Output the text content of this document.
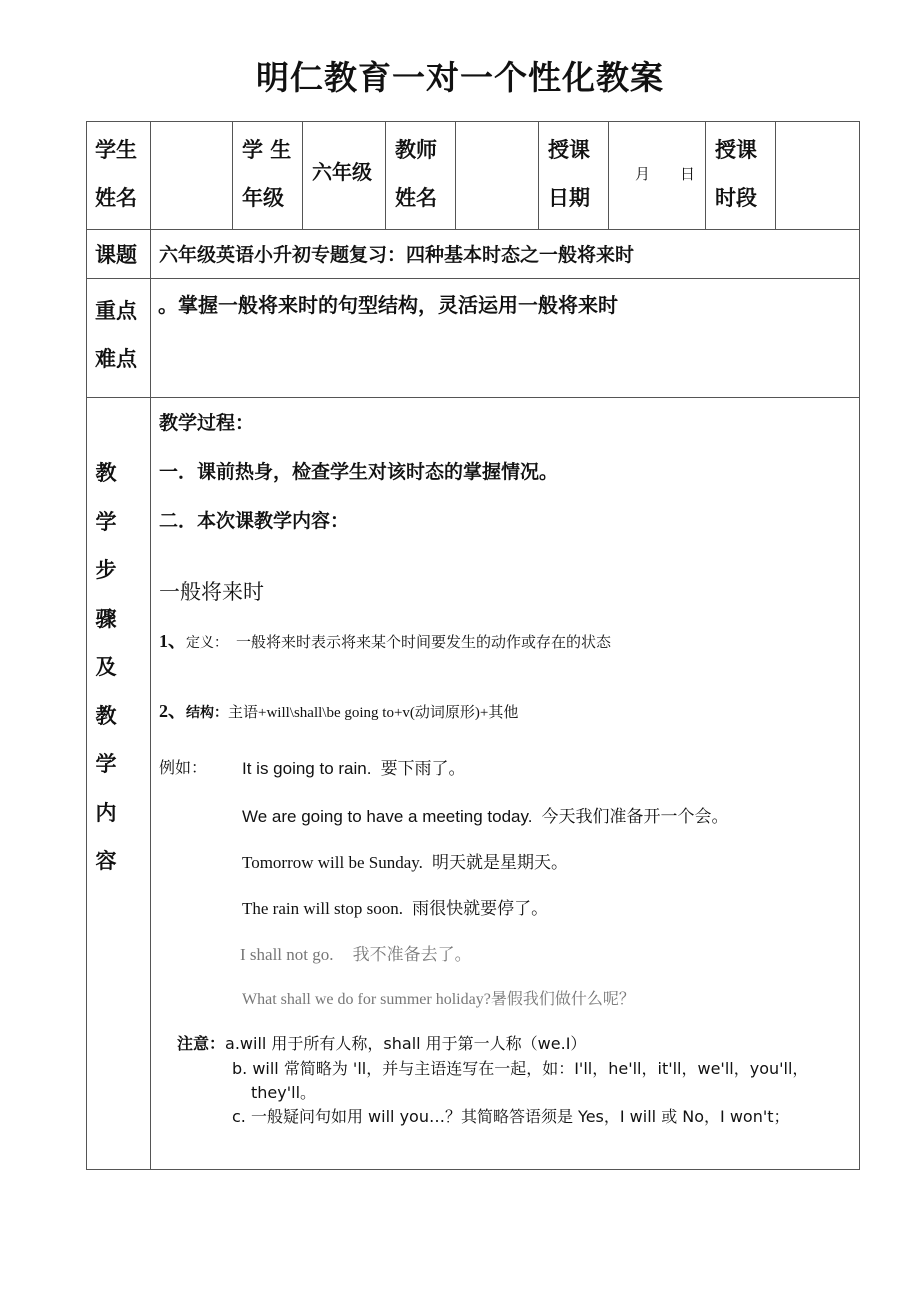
明仁教育一对一个性化教案
学生
姓名
学 生
年级
六年级
教师
姓名
授课
日期
月　　日
授课
时段
课题 六年级英语小升初专题复习：四种基本时态之一般将来时
重点
难点
。掌握一般将来时的句型结构，灵活运用一般将来时
教
学
步
骤
及
教
学
内
容
教学过程：
一．课前热身，检查学生对该时态的掌握情况。
二．本次课教学内容：
一般将来时
1、定义： 一般将来时表示将来某个时间要发生的动作或存在的状态
2、结构：主语+will\shall\be going to+v(动词原形)+其他
例如： It is going to rain. 要下雨了。
We are going to have a meeting today. 今天我们准备开一个会。
Tomorrow will be Sunday. 明天就是星期天。
The rain will stop soon. 雨很快就要停了。
I shall not go. 我不准备去了。
What shall we do for summer holiday?暑假我们做什么呢？
注意：a.will 用于所有人称，shall 用于第一人称（we.I）
b. will 常简略为 'll，并与主语连写在一起，如：I'll，he'll，it'll，we'll，you'll，
they'll。
c. 一般疑问句如用 will you…？其简略答语须是 Yes，I will 或 No，I won't；
